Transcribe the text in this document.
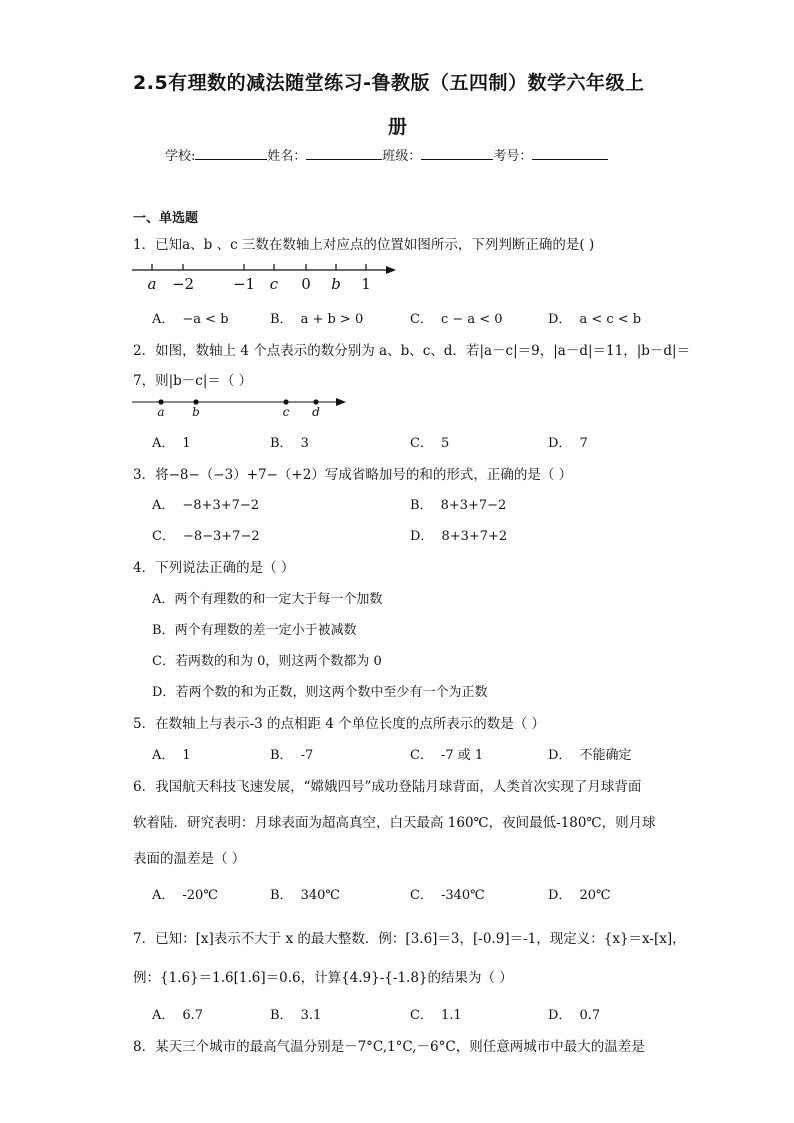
2.5有理数的减法随堂练习-鲁教版（五四制）数学六年级上
册
学校:	姓名：	班级：	考号：
一、单选题
1．已知a、b 、c 三数在数轴上对应点的位置如图所示，下列判断正确的是( )
a −2	−1 c 0 b 1
A． −a < b	B． a + b > 0	C． c − a < 0	D． a < c < b
2．如图，数轴上 4 个点表示的数分别为 a、b、c、d．若|a－c|＝9，|a－d|＝11，|b－d|＝
7，则|b－c|＝（ ）
a b	c d
A． 1	B． 3	C． 5	D． 7
3．将−8−（−3）+7−（+2）写成省略加号的和的形式，正确的是（ ）
A． −8+3+7−2	B． 8+3+7−2
C． −8−3+7−2	D． 8+3+7+2
4．下列说法正确的是（ ）
A．两个有理数的和一定大于每一个加数
B．两个有理数的差一定小于被减数
C．若两数的和为 0，则这两个数都为 0
D．若两个数的和为正数，则这两个数中至少有一个为正数
5．在数轴上与表示-3 的点相距 4 个单位长度的点所表示的数是（ ）
A． 1	B． -7	C． -7 或 1	D． 不能确定
6．我国航天科技飞速发展，“嫦娥四号”成功登陆月球背面，人类首次实现了月球背面
软着陆．研究表明：月球表面为超高真空，白天最高 160℃，夜间最低-180℃，则月球
表面的温差是（ ）
A． -20℃	B． 340℃	C． -340℃	D． 20℃
7．已知：[x]表示不大于 x 的最大整数．例：[3.6]＝3，[-0.9]＝-1，现定义：{x}＝x-[x]，
例：{1.6}＝1.6[1.6]＝0.6，计算{4.9}-{-1.8}的结果为（ ）
A． 6.7	B． 3.1	C． 1.1	D． 0.7
8．某天三个城市的最高气温分别是－7°C,1°C,－6°C，则任意两城市中最大的温差是
